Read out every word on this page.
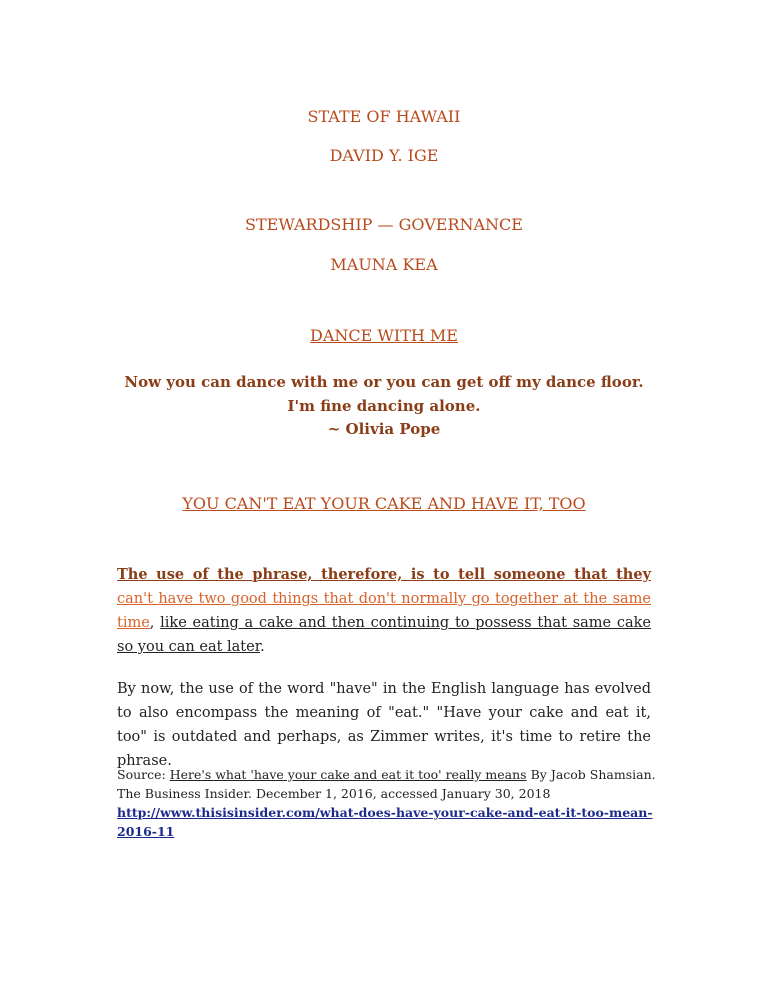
STATE OF HAWAII
DAVID Y. IGE
STEWARDSHIP — GOVERNANCE
MAUNA KEA
DANCE WITH ME
Now you can dance with me or you can get off my dance floor.
I'm fine dancing alone.
~ Olivia Pope
YOU CAN'T EAT YOUR CAKE AND HAVE IT, TOO
The use of the phrase, therefore, is to tell someone that they can't have two good things that don't normally go together at the same time, like eating a cake and then continuing to possess that same cake so you can eat later.
By now, the use of the word "have" in the English language has evolved to also encompass the meaning of "eat." "Have your cake and eat it, too" is outdated and perhaps, as Zimmer writes, it's time to retire the phrase.
Source: Here's what 'have your cake and eat it too' really means By Jacob Shamsian.
The Business Insider. December 1, 2016, accessed January 30, 2018
http://www.thisisinsider.com/what-does-have-your-cake-and-eat-it-too-mean-2016-11
